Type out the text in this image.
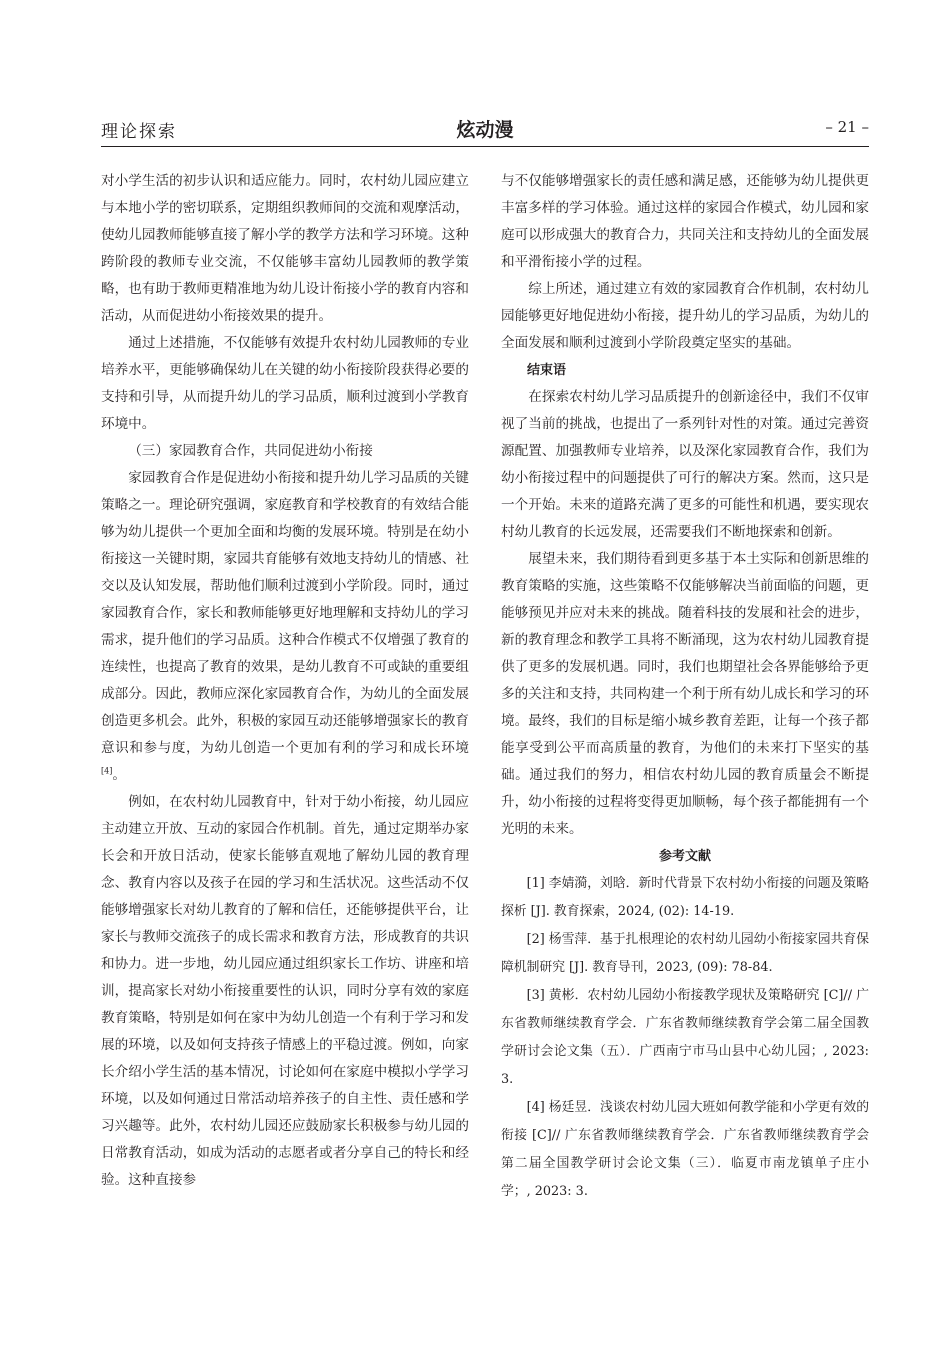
理论探索	炫动漫	– 21 –

对小学生活的初步认识和适应能力。同时，农村幼儿园应建立与本地小学的密切联系，定期组织教师间的交流和观摩活动，使幼儿园教师能够直接了解小学的教学方法和学习环境。这种跨阶段的教师专业交流，不仅能够丰富幼儿园教师的教学策略，也有助于教师更精准地为幼儿设计衔接小学的教育内容和活动，从而促进幼小衔接效果的提升。

通过上述措施，不仅能够有效提升农村幼儿园教师的专业培养水平，更能够确保幼儿在关键的幼小衔接阶段获得必要的支持和引导，从而提升幼儿的学习品质，顺利过渡到小学教育环境中。

（三）家园教育合作，共同促进幼小衔接

家园教育合作是促进幼小衔接和提升幼儿学习品质的关键策略之一。理论研究强调，家庭教育和学校教育的有效结合能够为幼儿提供一个更加全面和均衡的发展环境。特别是在幼小衔接这一关键时期，家园共育能够有效地支持幼儿的情感、社交以及认知发展，帮助他们顺利过渡到小学阶段。同时，通过家园教育合作，家长和教师能够更好地理解和支持幼儿的学习需求，提升他们的学习品质。这种合作模式不仅增强了教育的连续性，也提高了教育的效果，是幼儿教育不可或缺的重要组成部分。因此，教师应深化家园教育合作，为幼儿的全面发展创造更多机会。此外，积极的家园互动还能够增强家长的教育意识和参与度，为幼儿创造一个更加有利的学习和成长环境[4]。

例如，在农村幼儿园教育中，针对于幼小衔接，幼儿园应主动建立开放、互动的家园合作机制。首先，通过定期举办家长会和开放日活动，使家长能够直观地了解幼儿园的教育理念、教育内容以及孩子在园的学习和生活状况。这些活动不仅能够增强家长对幼儿教育的了解和信任，还能够提供平台，让家长与教师交流孩子的成长需求和教育方法，形成教育的共识和协力。进一步地，幼儿园应通过组织家长工作坊、讲座和培训，提高家长对幼小衔接重要性的认识，同时分享有效的家庭教育策略，特别是如何在家中为幼儿创造一个有利于学习和发展的环境，以及如何支持孩子情感上的平稳过渡。例如，向家长介绍小学生活的基本情况，讨论如何在家庭中模拟小学学习环境，以及如何通过日常活动培养孩子的自主性、责任感和学习兴趣等。此外，农村幼儿园还应鼓励家长积极参与幼儿园的日常教育活动，如成为活动的志愿者或者分享自己的特长和经验。这种直接参

与不仅能够增强家长的责任感和满足感，还能够为幼儿提供更丰富多样的学习体验。通过这样的家园合作模式，幼儿园和家庭可以形成强大的教育合力，共同关注和支持幼儿的全面发展和平滑衔接小学的过程。

综上所述，通过建立有效的家园教育合作机制，农村幼儿园能够更好地促进幼小衔接，提升幼儿的学习品质，为幼儿的全面发展和顺利过渡到小学阶段奠定坚实的基础。

结束语

在探索农村幼儿学习品质提升的创新途径中，我们不仅审视了当前的挑战，也提出了一系列针对性的对策。通过完善资源配置、加强教师专业培养，以及深化家园教育合作，我们为幼小衔接过程中的问题提供了可行的解决方案。然而，这只是一个开始。未来的道路充满了更多的可能性和机遇，要实现农村幼儿教育的长远发展，还需要我们不断地探索和创新。

展望未来，我们期待看到更多基于本土实际和创新思维的教育策略的实施，这些策略不仅能够解决当前面临的问题，更能够预见并应对未来的挑战。随着科技的发展和社会的进步，新的教育理念和教学工具将不断涌现，这为农村幼儿园教育提供了更多的发展机遇。同时，我们也期望社会各界能够给予更多的关注和支持，共同构建一个利于所有幼儿成长和学习的环境。最终，我们的目标是缩小城乡教育差距，让每一个孩子都能享受到公平而高质量的教育，为他们的未来打下坚实的基础。通过我们的努力，相信农村幼儿园的教育质量会不断提升，幼小衔接的过程将变得更加顺畅，每个孩子都能拥有一个光明的未来。

参考文献

[1] 李婧漪，刘晗．新时代背景下农村幼小衔接的问题及策略探析 [J]. 教育探索，2024, (02): 14-19.

[2] 杨雪萍．基于扎根理论的农村幼儿园幼小衔接家园共育保障机制研究 [J]. 教育导刊，2023, (09): 78-84.

[3] 黄彬．农村幼儿园幼小衔接教学现状及策略研究 [C]// 广东省教师继续教育学会．广东省教师继续教育学会第二届全国教学研讨会论文集（五）．广西南宁市马山县中心幼儿园；, 2023: 3.

[4] 杨廷昱．浅谈农村幼儿园大班如何教学能和小学更有效的衔接 [C]// 广东省教师继续教育学会．广东省教师继续教育学会第二届全国教学研讨会论文集（三）．临夏市南龙镇单子庄小学；, 2023: 3.
